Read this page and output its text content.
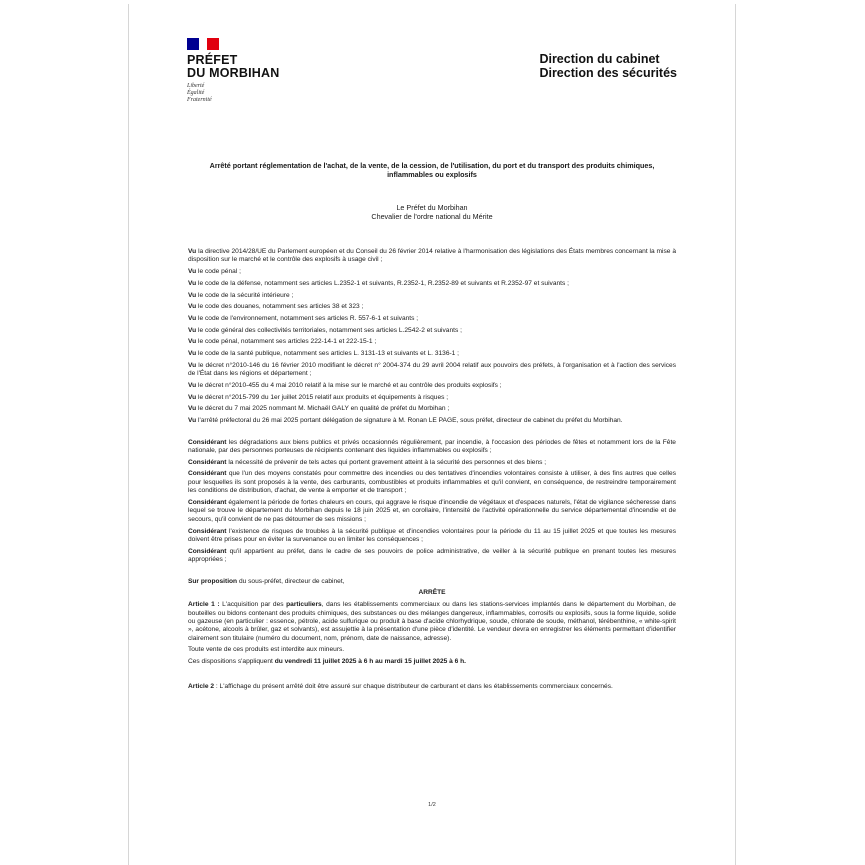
PRÉFET
DU MORBIHAN
Liberté
Égalité
Fraternité
Direction du cabinet
Direction des sécurités
Arrêté portant réglementation de l'achat, de la vente, de la cession, de l'utilisation, du port et du transport des produits chimiques, inflammables ou explosifs
Le Préfet du Morbihan
Chevalier de l'ordre national du Mérite

Vu la directive 2014/28/UE du Parlement européen et du Conseil du 26 février 2014 relative à l'harmonisation des législations des États membres concernant la mise à disposition sur le marché et le contrôle des explosifs à usage civil ;

Vu le code pénal ;

Vu le code de la défense, notamment ses articles L.2352-1 et suivants, R.2352-1, R.2352-89 et suivants et R.2352-97 et suivants ;

Vu le code de la sécurité intérieure ;

Vu le code des douanes, notamment ses articles 38 et 323 ;

Vu le code de l'environnement, notamment ses articles R. 557-6-1 et suivants ;

Vu le code général des collectivités territoriales, notamment ses articles L.2542-2 et suivants ;

Vu le code pénal, notamment ses articles 222-14-1 et 222-15-1 ;

Vu le code de la santé publique, notamment ses articles L. 3131-13 et suivants et L. 3136-1 ;

Vu le décret n°2010-146 du 16 février 2010 modifiant le décret n° 2004-374 du 29 avril 2004 relatif aux pouvoirs des préfets, à l'organisation et à l'action des services de l'État dans les régions et département ;

Vu le décret n°2010-455 du 4 mai 2010 relatif à la mise sur le marché et au contrôle des produits explosifs ;

Vu le décret n°2015-799 du 1er juillet 2015 relatif aux produits et équipements à risques ;

Vu le décret du 7 mai 2025 nommant M. Michaël GALY en qualité de préfet du Morbihan ;

Vu l'arrêté préfectoral du 26 mai 2025 portant délégation de signature à M. Ronan LE PAGE, sous préfet, directeur de cabinet du préfet du Morbihan.

Considérant les dégradations aux biens publics et privés occasionnés régulièrement, par incendie, à l'occasion des périodes de fêtes et notamment lors de la Fête nationale, par des personnes porteuses de récipients contenant des liquides inflammables ou explosifs ;

Considérant la nécessité de prévenir de tels actes qui portent gravement atteint à la sécurité des personnes et des biens ;

Considérant que l'un des moyens constatés pour commettre des incendies ou des tentatives d'incendies volontaires consiste à utiliser, à des fins autres que celles pour lesquelles ils sont proposés à la vente, des carburants, combustibles et produits inflammables et qu'il convient, en conséquence, de restreindre temporairement les conditions de distribution, d'achat, de vente à emporter et de transport ;

Considérant également la période de fortes chaleurs en cours, qui aggrave le risque d'incendie de végétaux et d'espaces naturels, l'état de vigilance sécheresse dans lequel se trouve le département du Morbihan depuis le 18 juin 2025 et, en corollaire, l'intensité de l'activité opérationnelle du service départemental d'incendie et de secours, qu'il convient de ne pas détourner de ses missions ;

Considérant l'existence de risques de troubles à la sécurité publique et d'incendies volontaires pour la période du 11 au 15 juillet 2025 et que toutes les mesures doivent être prises pour en éviter la survenance ou en limiter les conséquences ;

Considérant qu'il appartient au préfet, dans le cadre de ses pouvoirs de police administrative, de veiller à la sécurité publique en prenant toutes les mesures appropriées ;

Sur proposition du sous-préfet, directeur de cabinet,

ARRÊTE

Article 1 : L'acquisition par des particuliers, dans les établissements commerciaux ou dans les stations-services implantés dans le département du Morbihan, de bouteilles ou bidons contenant des produits chimiques, des substances ou des mélanges dangereux, inflammables, corrosifs ou explosifs, sous la forme liquide, solide ou gazeuse (en particulier : essence, pétrole, acide sulfurique ou produit à base d'acide chlorhydrique, soude, chlorate de soude, méthanol, térébenthine, « white-spirit », acétone, alcools à brûler, gaz et solvants), est assujettie à la présentation d'une pièce d'identité. Le vendeur devra en enregistrer les éléments permettant d'identifier clairement son titulaire (numéro du document, nom, prénom, date de naissance, adresse).

Toute vente de ces produits est interdite aux mineurs.

Ces dispositions s'appliquent du vendredi 11 juillet 2025 à 6 h au mardi 15 juillet 2025 à 6 h.

Article 2 : L'affichage du présent arrêté doit être assuré sur chaque distributeur de carburant et dans les établissements commerciaux concernés.

1/2
